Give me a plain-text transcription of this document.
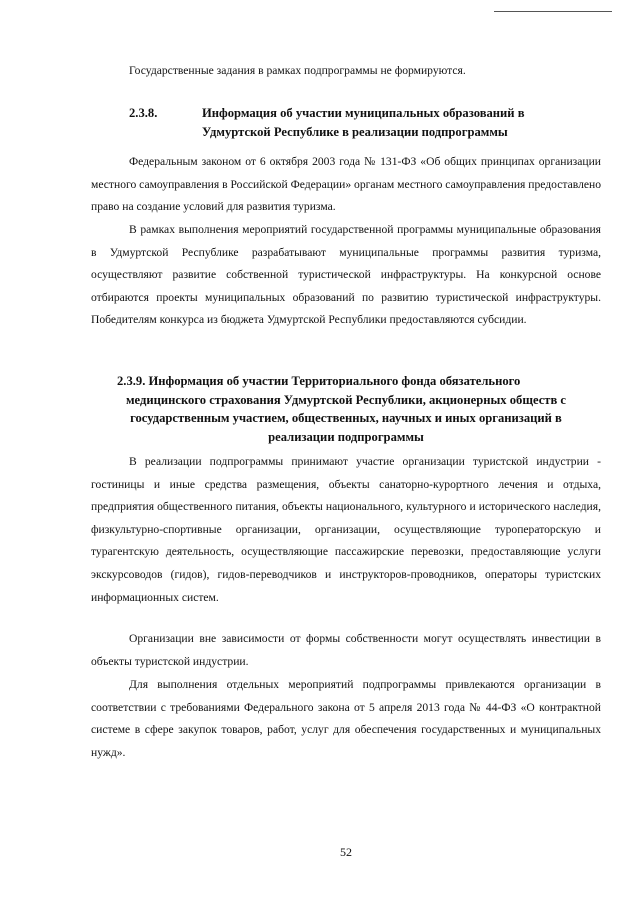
Государственные задания в рамках подпрограммы не формируются.

2.3.8.	Информация об участии муниципальных образований в
Удмуртской Республике в реализации подпрограммы

Федеральным законом от 6 октября 2003 года № 131-ФЗ «Об общих принципах организации местного самоуправления в Российской Федерации» органам местного самоуправления предоставлено право на создание условий для развития туризма.

В рамках выполнения мероприятий государственной программы муниципальные образования в Удмуртской Республике разрабатывают муниципальные программы развития туризма, осуществляют развитие собственной туристической инфраструктуры. На конкурсной основе отбираются проекты муниципальных образований по развитию туристической инфраструктуры. Победителям конкурса из бюджета Удмуртской Республики предоставляются субсидии.

2.3.9. Информация об участии Территориального фонда обязательного
медицинского страхования Удмуртской Республики, акционерных обществ с
государственным участием, общественных, научных и иных организаций в
реализации подпрограммы

В реализации подпрограммы принимают участие организации туристской индустрии - гостиницы и иные средства размещения, объекты санаторно-курортного лечения и отдыха, предприятия общественного питания, объекты национального, культурного и исторического наследия, физкультурно-спортивные организации, организации, осуществляющие туроператорскую и турагентскую деятельность, осуществляющие пассажирские перевозки, предоставляющие услуги экскурсоводов (гидов), гидов-переводчиков и инструкторов-проводников, операторы туристских информационных систем.

Организации вне зависимости от формы собственности могут осуществлять инвестиции в объекты туристской индустрии.

Для выполнения отдельных мероприятий подпрограммы привлекаются организации в соответствии с требованиями Федерального закона от 5 апреля 2013 года № 44-ФЗ «О контрактной системе в сфере закупок товаров, работ, услуг для обеспечения государственных и муниципальных нужд».

52
